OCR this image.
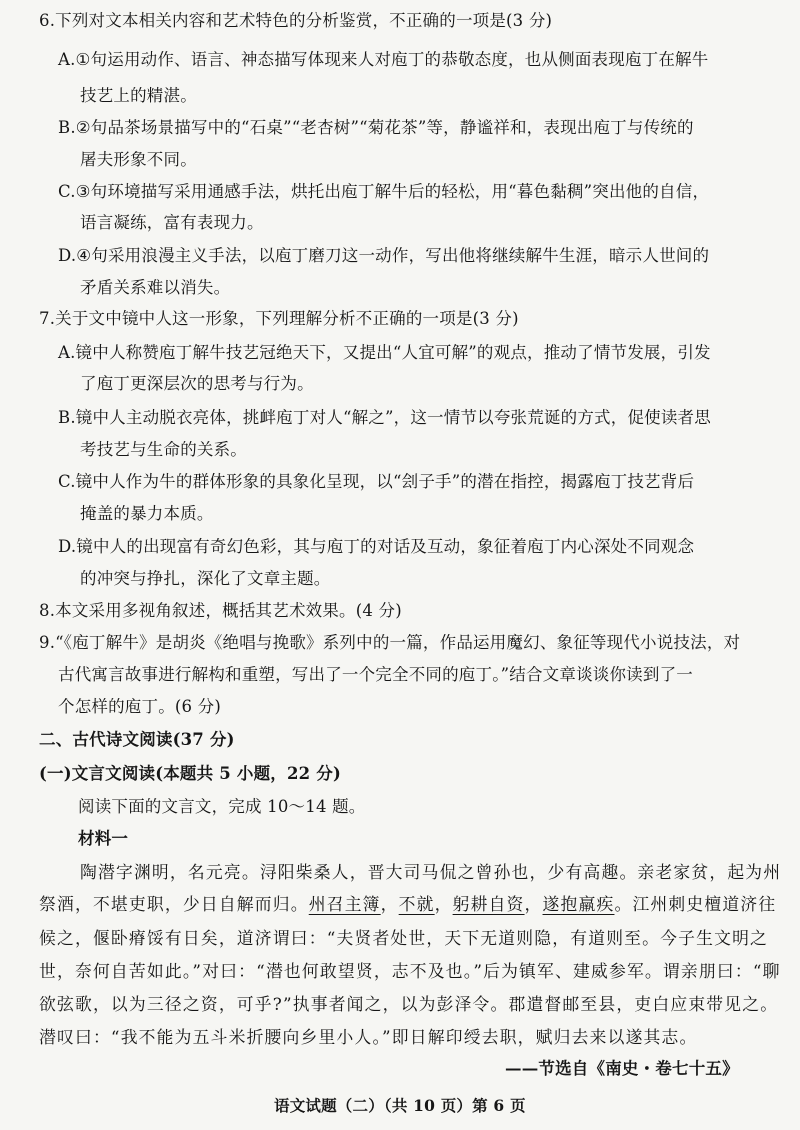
6.下列对文本相关内容和艺术特色的分析鉴赏，不正确的一项是(3 分)
A.①句运用动作、语言、神态描写体现来人对庖丁的恭敬态度，也从侧面表现庖丁在解牛
技艺上的精湛。
B.②句品茶场景描写中的“石桌”“老杏树”“菊花茶”等，静谧祥和，表现出庖丁与传统的
屠夫形象不同。
C.③句环境描写采用通感手法，烘托出庖丁解牛后的轻松，用“暮色黏稠”突出他的自信，
语言凝练，富有表现力。
D.④句采用浪漫主义手法，以庖丁磨刀这一动作，写出他将继续解牛生涯，暗示人世间的
矛盾关系难以消失。
7.关于文中镜中人这一形象，下列理解分析不正确的一项是(3 分)
A.镜中人称赞庖丁解牛技艺冠绝天下，又提出“人宜可解”的观点，推动了情节发展，引发
了庖丁更深层次的思考与行为。
B.镜中人主动脱衣亮体，挑衅庖丁对人“解之”，这一情节以夸张荒诞的方式，促使读者思
考技艺与生命的关系。
C.镜中人作为牛的群体形象的具象化呈现，以“刽子手”的潜在指控，揭露庖丁技艺背后
掩盖的暴力本质。
D.镜中人的出现富有奇幻色彩，其与庖丁的对话及互动，象征着庖丁内心深处不同观念
的冲突与挣扎，深化了文章主题。
8.本文采用多视角叙述，概括其艺术效果。(4 分)
9.“《庖丁解牛》是胡炎《绝唱与挽歌》系列中的一篇，作品运用魔幻、象征等现代小说技法，对
古代寓言故事进行解构和重塑，写出了一个完全不同的庖丁。”结合文章谈谈你读到了一
个怎样的庖丁。(6 分)
二、古代诗文阅读(37 分)
(一)文言文阅读(本题共 5 小题，22 分)
阅读下面的文言文，完成 10～14 题。
材料一
陶潜字渊明，名元亮。浔阳柴桑人，晋大司马侃之曾孙也，少有高趣。亲老家贫，起为州
祭酒，不堪吏职，少日自解而归。州召主簿，不就，躬耕自资，遂抱羸疾。江州刺史檀道济往
候之，偃卧瘠馁有日矣，道济谓曰：“夫贤者处世，天下无道则隐，有道则至。今子生文明之
世，奈何自苦如此。”对曰：“潜也何敢望贤，志不及也。”后为镇军、建威参军。谓亲朋曰：“聊
欲弦歌，以为三径之资，可乎?”执事者闻之，以为彭泽令。郡遣督邮至县，吏白应束带见之。
潜叹曰：“我不能为五斗米折腰向乡里小人。”即日解印绶去职，赋归去来以遂其志。
——节选自《南史・卷七十五》
语文试题（二）（共 10 页）第 6 页
